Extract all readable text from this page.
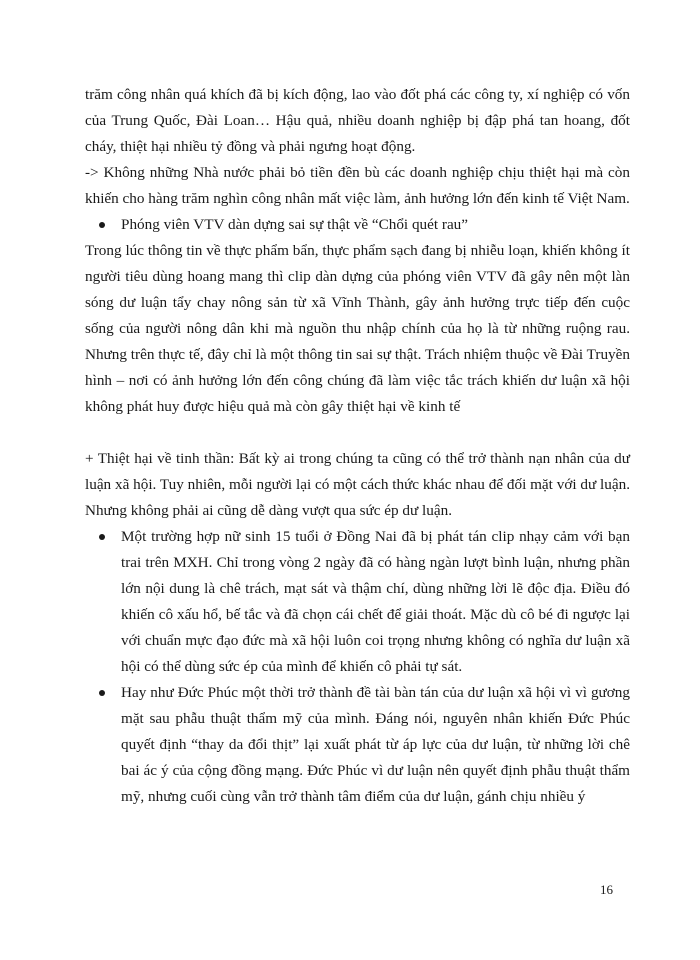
trăm công nhân quá khích đã bị kích động, lao vào đốt phá các công ty, xí nghiệp có vốn của Trung Quốc, Đài Loan… Hậu quả, nhiều doanh nghiệp bị đập phá tan hoang, đốt cháy, thiệt hại nhiều tỷ đồng và phải ngưng hoạt động.

-> Không những Nhà nước phải bỏ tiền đền bù các doanh nghiệp chịu thiệt hại mà còn khiến cho hàng trăm nghìn công nhân mất việc làm, ảnh hưởng lớn đến kinh tế Việt Nam.

Phóng viên VTV dàn dựng sai sự thật về “Chổi quét rau”

Trong lúc thông tin về thực phẩm bẩn, thực phẩm sạch đang bị nhiễu loạn, khiến không ít người tiêu dùng hoang mang thì clip dàn dựng của phóng viên VTV đã gây nên một làn sóng dư luận tẩy chay nông sản từ xã Vĩnh Thành, gây ảnh hưởng trực tiếp đến cuộc sống của người nông dân khi mà nguồn thu nhập chính của họ là từ những ruộng rau. Nhưng trên thực tế, đây chỉ là một thông tin sai sự thật. Trách nhiệm thuộc về Đài Truyền hình – nơi có ảnh hưởng lớn đến công chúng đã làm việc tắc trách khiến dư luận xã hội không phát huy được hiệu quả mà còn gây thiệt hại về kinh tế

+ Thiệt hại về tinh thần: Bất kỳ ai trong chúng ta cũng có thể trở thành nạn nhân của dư luận xã hội. Tuy nhiên, mỗi người lại có một cách thức khác nhau để đối mặt với dư luận. Nhưng không phải ai cũng dễ dàng vượt qua sức ép dư luận.

Một trường hợp nữ sinh 15 tuổi ở Đồng Nai đã bị phát tán clip nhạy cảm với bạn trai trên MXH. Chỉ trong vòng 2 ngày đã có hàng ngàn lượt bình luận, nhưng phần lớn nội dung là chê trách, mạt sát và thậm chí, dùng những lời lẽ độc địa. Điều đó khiến cô xấu hổ, bế tắc và đã chọn cái chết để giải thoát. Mặc dù cô bé đi ngược lại với chuẩn mực đạo đức mà xã hội luôn coi trọng nhưng không có nghĩa dư luận xã hội có thể dùng sức ép của mình để khiến cô phải tự sát.
Hay như Đức Phúc một thời trở thành đề tài bàn tán của dư luận xã hội vì vì gương mặt sau phẫu thuật thẩm mỹ của mình. Đáng nói, nguyên nhân khiến Đức Phúc quyết định “thay da đổi thịt” lại xuất phát từ áp lực của dư luận, từ những lời chê bai ác ý của cộng đồng mạng. Đức Phúc vì dư luận nên quyết định phẫu thuật thẩm mỹ, nhưng cuối cùng vẫn trở thành tâm điểm của dư luận, gánh chịu nhiều ý
16
